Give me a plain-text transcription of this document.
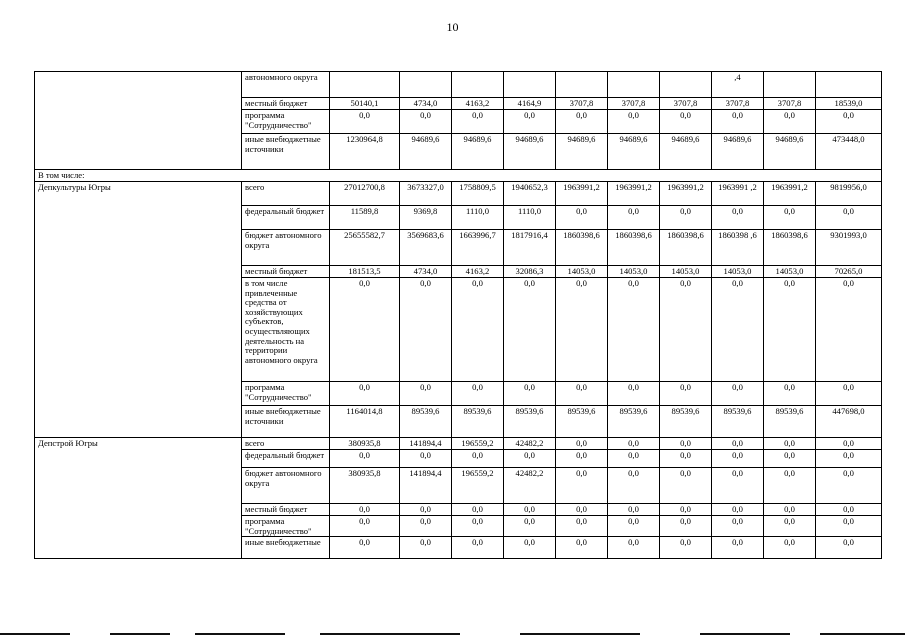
10
	автономного округа								,4		
	местный бюджет	50140,1	4734,0	4163,2	4164,9	3707,8	3707,8	3707,8	3707,8	3707,8	18539,0
	программа "Сотрудничество"	0,0	0,0	0,0	0,0	0,0	0,0	0,0	0,0	0,0	0,0
	иные внебюджетные источники	1230964,8	94689,6	94689,6	94689,6	94689,6	94689,6	94689,6	94689,6	94689,6	473448,0
В том числе:											
Депкультуры Югры	всего	27012700,8	3673327,0	1758809,5	1940652,3	1963991,2	1963991,2	1963991,2	1963991 ,2	1963991,2	9819956,0
	федеральный бюджет	11589,8	9369,8	1110,0	1110,0	0,0	0,0	0,0	0,0	0,0	0,0
	бюджет автономного округа	25655582,7	3569683,6	1663996,7	1817916,4	1860398,6	1860398,6	1860398,6	1860398 ,6	1860398,6	9301993,0
	местный бюджет	181513,5	4734,0	4163,2	32086,3	14053,0	14053,0	14053,0	14053,0	14053,0	70265,0
	в том числе привлеченные средства от хозяйствующих субъектов, осуществляющих деятельность на территории автономного округа	0,0	0,0	0,0	0,0	0,0	0,0	0,0	0,0	0,0	0,0
	программа "Сотрудничество"	0,0	0,0	0,0	0,0	0,0	0,0	0,0	0,0	0,0	0,0
	иные внебюджетные источники	1164014,8	89539,6	89539,6	89539,6	89539,6	89539,6	89539,6	89539,6	89539,6	447698,0
Депстрой Югры	всего	380935,8	141894,4	196559,2	42482,2	0,0	0,0	0,0	0,0	0,0	0,0
	федеральный бюджет	0,0	0,0	0,0	0,0	0,0	0,0	0,0	0,0	0,0	0,0
	бюджет автономного округа	380935,8	141894,4	196559,2	42482,2	0,0	0,0	0,0	0,0	0,0	0,0
	местный бюджет	0,0	0,0	0,0	0,0	0,0	0,0	0,0	0,0	0,0	0,0
	программа "Сотрудничество"	0,0	0,0	0,0	0,0	0,0	0,0	0,0	0,0	0,0	0,0
	иные внебюджетные	0,0	0,0	0,0	0,0	0,0	0,0	0,0	0,0	0,0	0,0
